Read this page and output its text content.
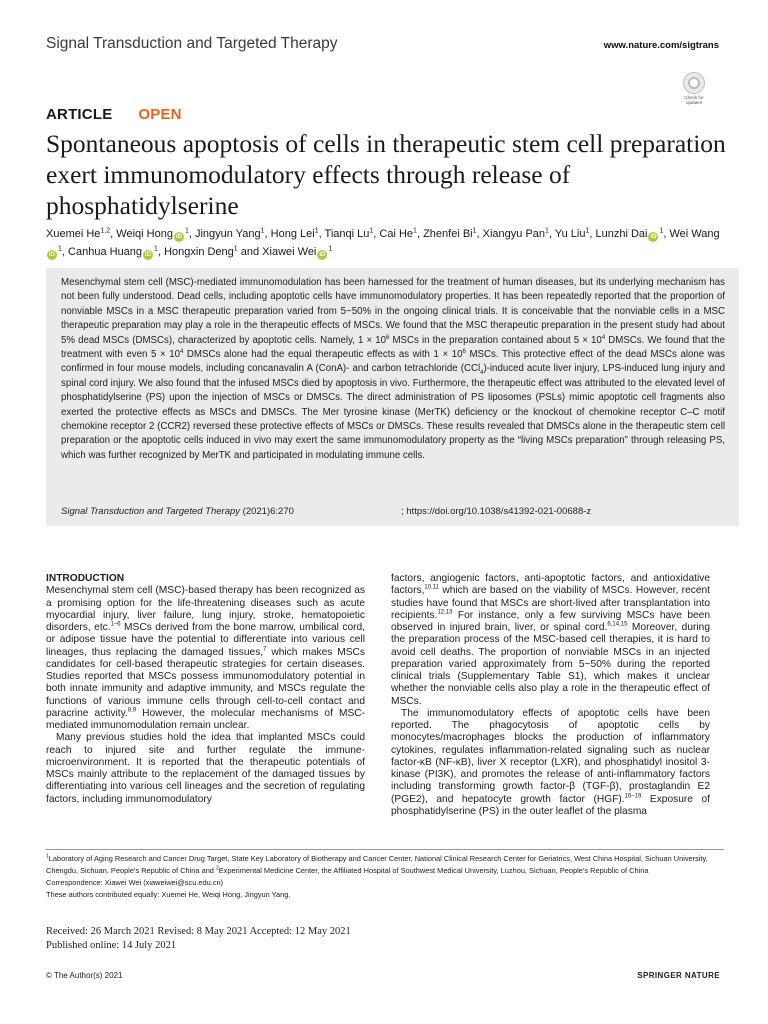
Signal Transduction and Targeted Therapy	www.nature.com/sigtrans
Check for updates
ARTICLE OPEN
Spontaneous apoptosis of cells in therapeutic stem cell preparation exert immunomodulatory effects through release of phosphatidylserine
Xuemei He$^{1,2}$, Weiqi Hong $iD^1$, Jingyun Yang$^1$, Hong Lei$^1$, Tianqi Lu$^1$, Cai He$^1$, Zhenfei Bi$^1$, Xiangyu Pan$^1$, Yu Liu$^1$, Lunzhi Dai $iD^1$, Wei WangiD$^1$, Canhua Huang $iD^1$, Hongxin Deng$^1$ and Xiawei Wei $iD^1$
Mesenchymal stem cell (MSC)-mediated immunomodulation has been harnessed for the treatment of human diseases, but its underlying mechanism has not been fully understood. Dead cells, including apoptotic cells have immunomodulatory properties. It has been repeatedly reported that the proportion of nonviable MSCs in a MSC therapeutic preparation varied from 5~50% in the ongoing clinical trials. It is conceivable that the nonviable cells in a MSC therapeutic preparation may play a role in the therapeutic effects of MSCs. We found that the MSC therapeutic preparation in the present study had about 5% dead MSCs (DMSCs), characterized by apoptotic cells. Namely, $1 \times 10^6$ MSCs in the preparation contained about $5 \times 10^4$ DMSCs. We found that the treatment with even $5 \times 10^4$ DMSCs alone had the equal therapeutic effects as with $1 \times 10^6$ MSCs. This protective effect of the dead MSCs alone was confirmed in four mouse models, including concanavalin A (ConA)- and carbon tetrachloride (CCl$_4$)-induced acute liver injury, LPS-induced lung injury and spinal cord injury. We also found that the infused MSCs died by apoptosis in vivo. Furthermore, the therapeutic effect was attributed to the elevated level of phosphatidylserine (PS) upon the injection of MSCs or DMSCs. The direct administration of PS liposomes (PSLs) mimic apoptotic cell fragments also exerted the protective effects as MSCs and DMSCs. The Mer tyrosine kinase (MerTK) deficiency or the knockout of chemokine receptor C–C motif chemokine receptor 2 (CCR2) reversed these protective effects of MSCs or DMSCs. These results revealed that DMSCs alone in the therapeutic stem cell preparation or the apoptotic cells induced in vivo may exert the same immunomodulatory property as the “living MSCs preparation” through releasing PS, which was further recognized by MerTK and participated in modulating immune cells.
Signal Transduction and Targeted Therapy (2021)6:270	; https://doi.org/10.1038/s41392-021-00688-z
INTRODUCTION

Mesenchymal stem cell (MSC)-based therapy has been recognized as a promising option for the life-threatening diseases such as acute myocardial injury, liver failure, lung injury, stroke, hematopoietic disorders, etc.$^{1-6}$ MSCs derived from the bone marrow, umbilical cord, or adipose tissue have the potential to differentiate into various cell lineages, thus replacing the damaged tissues,$^7$ which makes MSCs candidates for cell-based therapeutic strategies for certain diseases. Studies reported that MSCs possess immunomodulatory potential in both innate immunity and adaptive immunity, and MSCs regulate the functions of various immune cells through cell-to-cell contact and paracrine activity.$^{8,9}$ However, the molecular mechanisms of MSC-mediated immunomodulation remain unclear.

Many previous studies hold the idea that implanted MSCs could reach to injured site and further regulate the immune-microenvironment. It is reported that the therapeutic potentials of MSCs mainly attribute to the replacement of the damaged tissues by differentiating into various cell lineages and the secretion of regulating factors, including immunomodulatory

factors, angiogenic factors, anti-apoptotic factors, and antioxidative factors,$^{10,11}$ which are based on the viability of MSCs. However, recent studies have found that MSCs are short-lived after transplantation into recipients.$^{12,13}$ For instance, only a few surviving MSCs have been observed in injured brain, liver, or spinal cord.$^{6,14,15}$ Moreover, during the preparation process of the MSC-based cell therapies, it is hard to avoid cell deaths. The proportion of nonviable MSCs in an injected preparation varied approximately from 5~50% during the reported clinical trials (Supplementary Table S1), which makes it unclear whether the nonviable cells also play a role in the therapeutic effect of MSCs.

The immunomodulatory effects of apoptotic cells have been reported. The phagocytosis of apoptotic cells by monocytes/macrophages blocks the production of inflammatory cytokines, regulates inflammation-related signaling such as nuclear factor-κB (NF-κB), liver X receptor (LXR), and phosphatidyl inositol 3-kinase (PI3K), and promotes the release of anti-inflammatory factors including transforming growth factor-β (TGF-β), prostaglandin E2 (PGE2), and hepatocyte growth factor (HGF).$^{16-19}$ Exposure of phosphatidylserine (PS) in the outer leaflet of the plasma

$^1$Laboratory of Aging Research and Cancer Drug Target, State Key Laboratory of Biotherapy and Cancer Center, National Clinical Research Center for Geriatrics, West China Hospital, Sichuan University, Chengdu, Sichuan, People’s Republic of China and $^2$Experimental Medicine Center, the Affiliated Hospital of Southwest Medical University, Luzhou, Sichuan, People’s Republic of China
Correspondence: Xiawei Wei (xiaweiwei@scu.edu.cn)
These authors contributed equally: Xuemei He, Weiqi Hong, Jingyun Yang.
Received: 26 March 2021 Revised: 8 May 2021 Accepted: 12 May 2021
Published online: 14 July 2021
© The Author(s) 2021	SPRINGER NATURE
